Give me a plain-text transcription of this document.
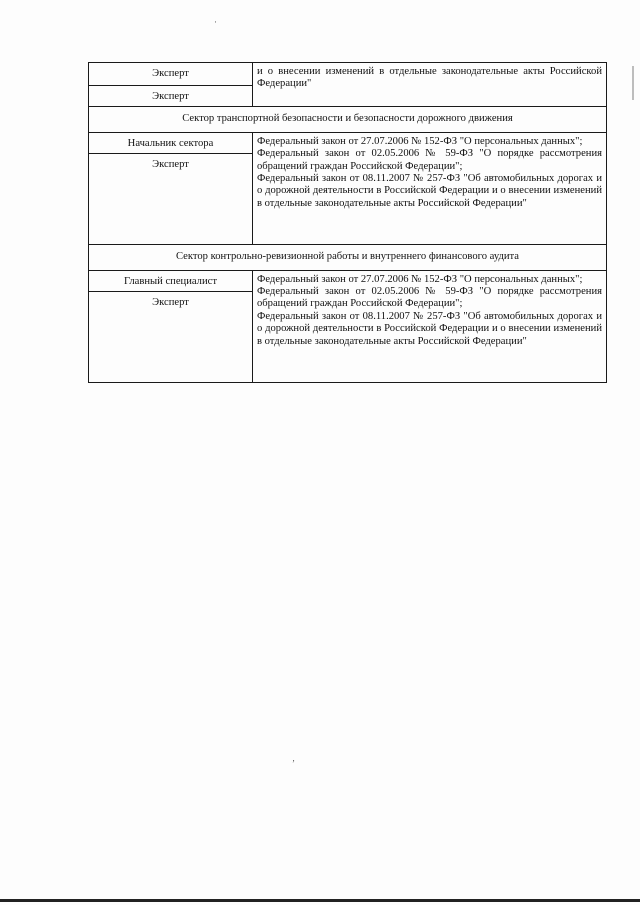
·
‚
Эксперт	и о внесении изменений в отдельные законодательные акты Российской Федерации"

Эксперт	
Сектор транспортной безопасности и безопасности дорожного движения	
Начальник сектора	Федеральный закон от 27.07.2006 № 152-ФЗ "О персональных данных";
Федеральный закон от 02.05.2006 № 59-ФЗ "О порядке рассмотрения обращений граждан Российской Федерации";
Федеральный закон от 08.11.2007 № 257-ФЗ "Об автомобильных дорогах и о дорожной деятельности в Российской Федерации и о внесении изменений в отдельные законодательные акты Российской Федерации"

Эксперт	
Сектор контрольно-ревизионной работы и внутреннего финансового аудита	
Главный специалист	Федеральный закон от 27.07.2006 № 152-ФЗ "О персональных данных";
Федеральный закон от 02.05.2006 № 59-ФЗ "О порядке рассмотрения обращений граждан Российской Федерации";
Федеральный закон от 08.11.2007 № 257-ФЗ "Об автомобильных дорогах и о дорожной деятельности в Российской Федерации и о внесении изменений в отдельные законодательные акты Российской Федерации"

Эксперт	
